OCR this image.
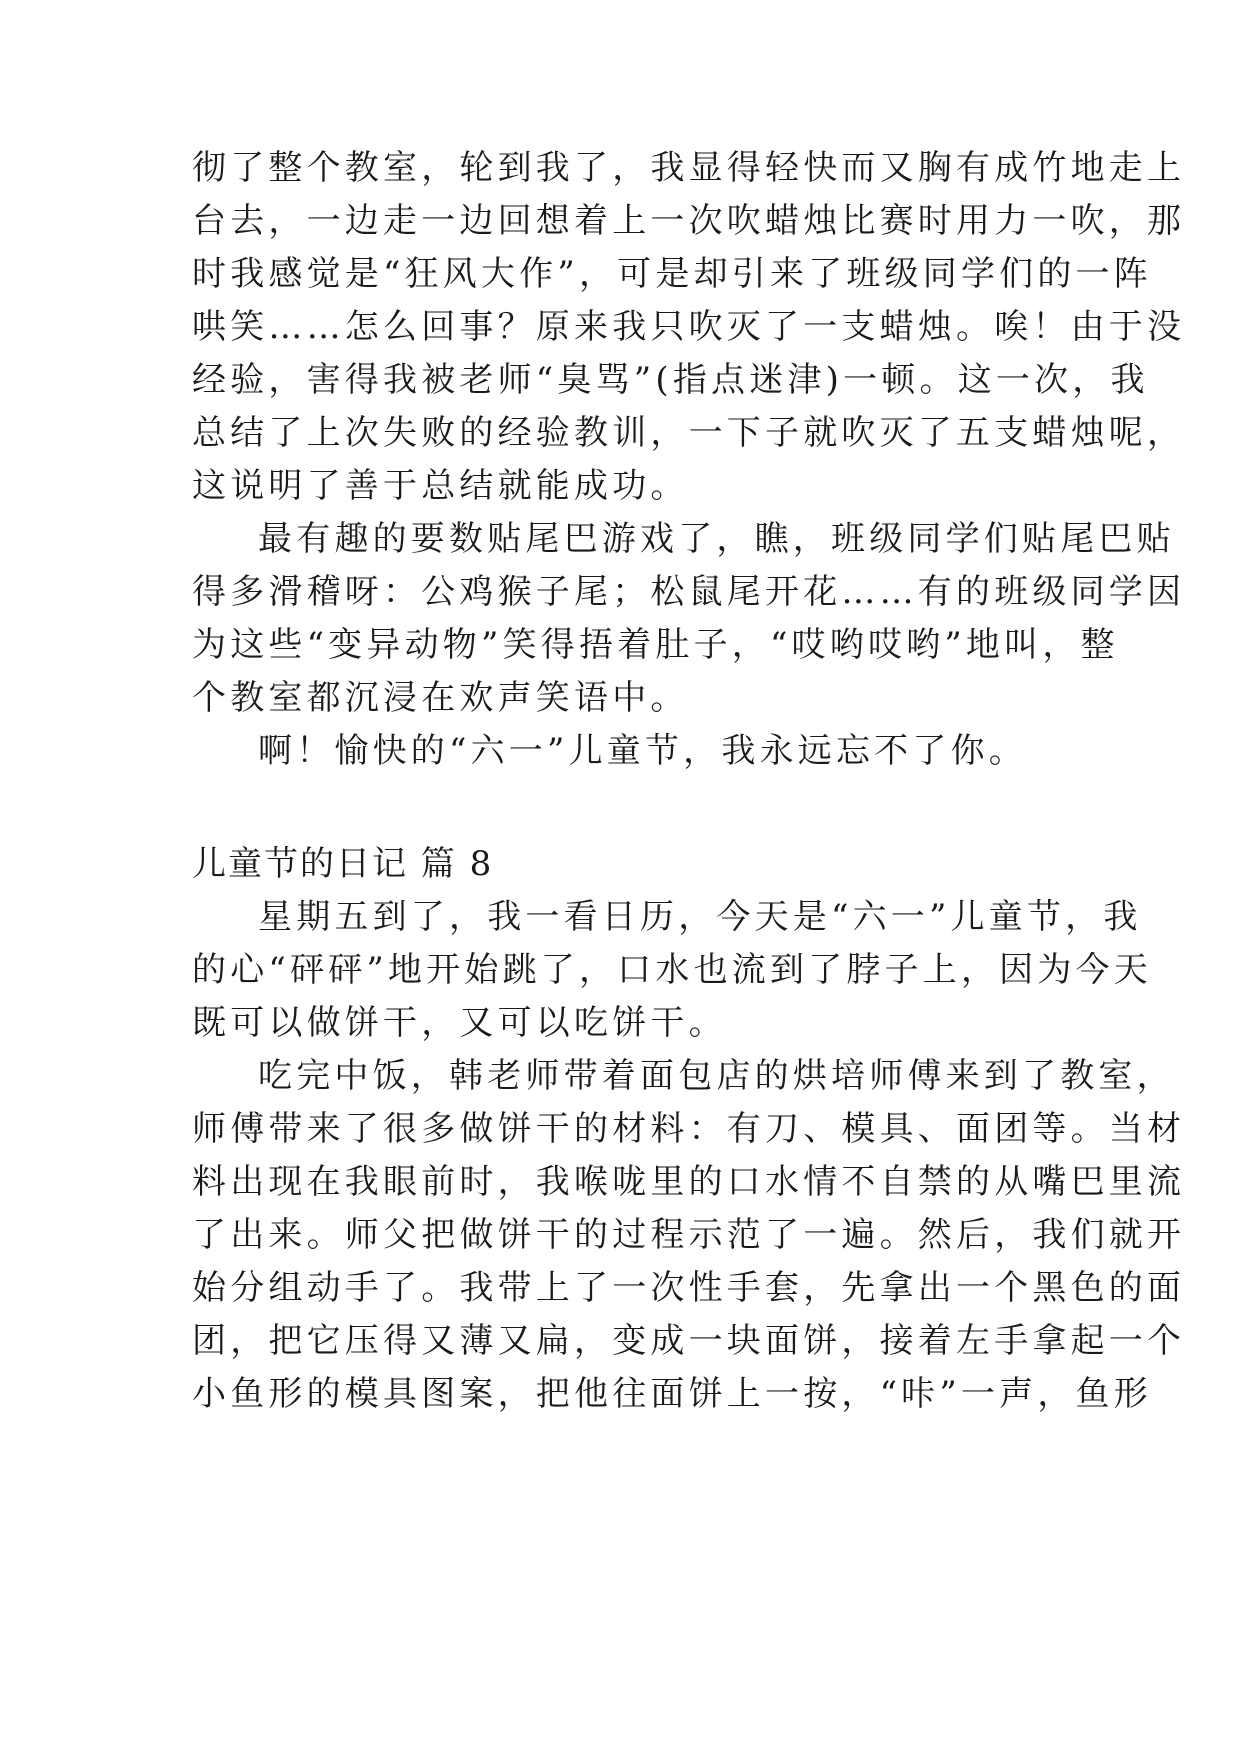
彻了整个教室，轮到我了，我显得轻快而又胸有成竹地走上
台去，一边走一边回想着上一次吹蜡烛比赛时用力一吹，那
时我感觉是“狂风大作”，可是却引来了班级同学们的一阵
哄笑……怎么回事？原来我只吹灭了一支蜡烛。唉！由于没
经验，害得我被老师“臭骂”(指点迷津)一顿。这一次，我
总结了上次失败的经验教训，一下子就吹灭了五支蜡烛呢，
这说明了善于总结就能成功。
最有趣的要数贴尾巴游戏了，瞧，班级同学们贴尾巴贴
得多滑稽呀：公鸡猴子尾；松鼠尾开花……有的班级同学因
为这些“变异动物”笑得捂着肚子，“哎哟哎哟”地叫，整
个教室都沉浸在欢声笑语中。
啊！愉快的“六一”儿童节，我永远忘不了你。
儿童节的日记 篇 8
星期五到了，我一看日历，今天是“六一”儿童节，我
的心“砰砰”地开始跳了，口水也流到了脖子上，因为今天
既可以做饼干，又可以吃饼干。
吃完中饭，韩老师带着面包店的烘培师傅来到了教室，
师傅带来了很多做饼干的材料：有刀、模具、面团等。当材
料出现在我眼前时，我喉咙里的口水情不自禁的从嘴巴里流
了出来。师父把做饼干的过程示范了一遍。然后，我们就开
始分组动手了。我带上了一次性手套，先拿出一个黑色的面
团，把它压得又薄又扁，变成一块面饼，接着左手拿起一个
小鱼形的模具图案，把他往面饼上一按，“咔”一声，鱼形
